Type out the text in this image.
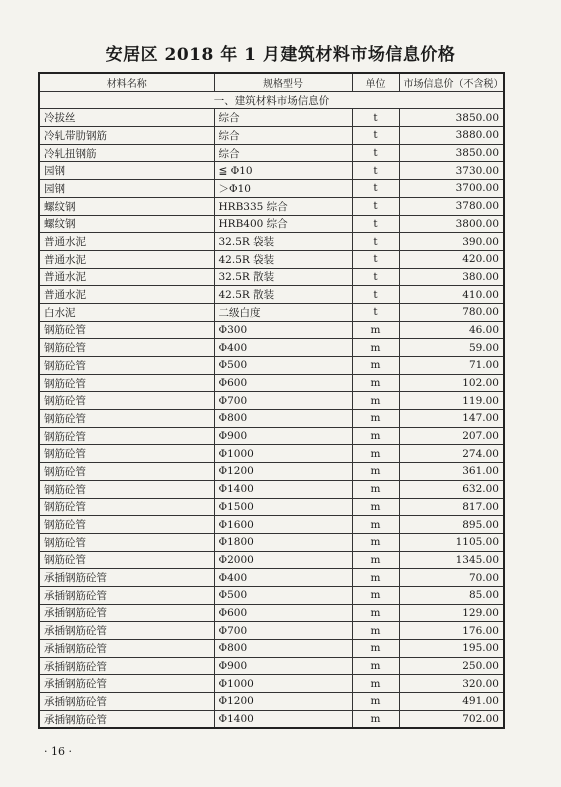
安居区 2018 年 1 月建筑材料市场信息价格
材料名称	规格型号	单位	市场信息价（不含税）
一、建筑材料市场信息价			
冷拔丝	综合	t	3850.00
冷轧带肋钢筋	综合	t	3880.00
冷轧扭钢筋	综合	t	3850.00
园钢	≦ Φ10	t	3730.00
园钢	＞Φ10	t	3700.00
螺纹钢	HRB335 综合	t	3780.00
螺纹钢	HRB400 综合	t	3800.00
普通水泥	32.5R 袋装	t	390.00
普通水泥	42.5R 袋装	t	420.00
普通水泥	32.5R 散装	t	380.00
普通水泥	42.5R 散装	t	410.00
白水泥	二级白度	t	780.00
钢筋砼管	Φ300	m	46.00
钢筋砼管	Φ400	m	59.00
钢筋砼管	Φ500	m	71.00
钢筋砼管	Φ600	m	102.00
钢筋砼管	Φ700	m	119.00
钢筋砼管	Φ800	m	147.00
钢筋砼管	Φ900	m	207.00
钢筋砼管	Φ1000	m	274.00
钢筋砼管	Φ1200	m	361.00
钢筋砼管	Φ1400	m	632.00
钢筋砼管	Φ1500	m	817.00
钢筋砼管	Φ1600	m	895.00
钢筋砼管	Φ1800	m	1105.00
钢筋砼管	Φ2000	m	1345.00
承插钢筋砼管	Φ400	m	70.00
承插钢筋砼管	Φ500	m	85.00
承插钢筋砼管	Φ600	m	129.00
承插钢筋砼管	Φ700	m	176.00
承插钢筋砼管	Φ800	m	195.00
承插钢筋砼管	Φ900	m	250.00
承插钢筋砼管	Φ1000	m	320.00
承插钢筋砼管	Φ1200	m	491.00
承插钢筋砼管	Φ1400	m	702.00
· 16 ·
